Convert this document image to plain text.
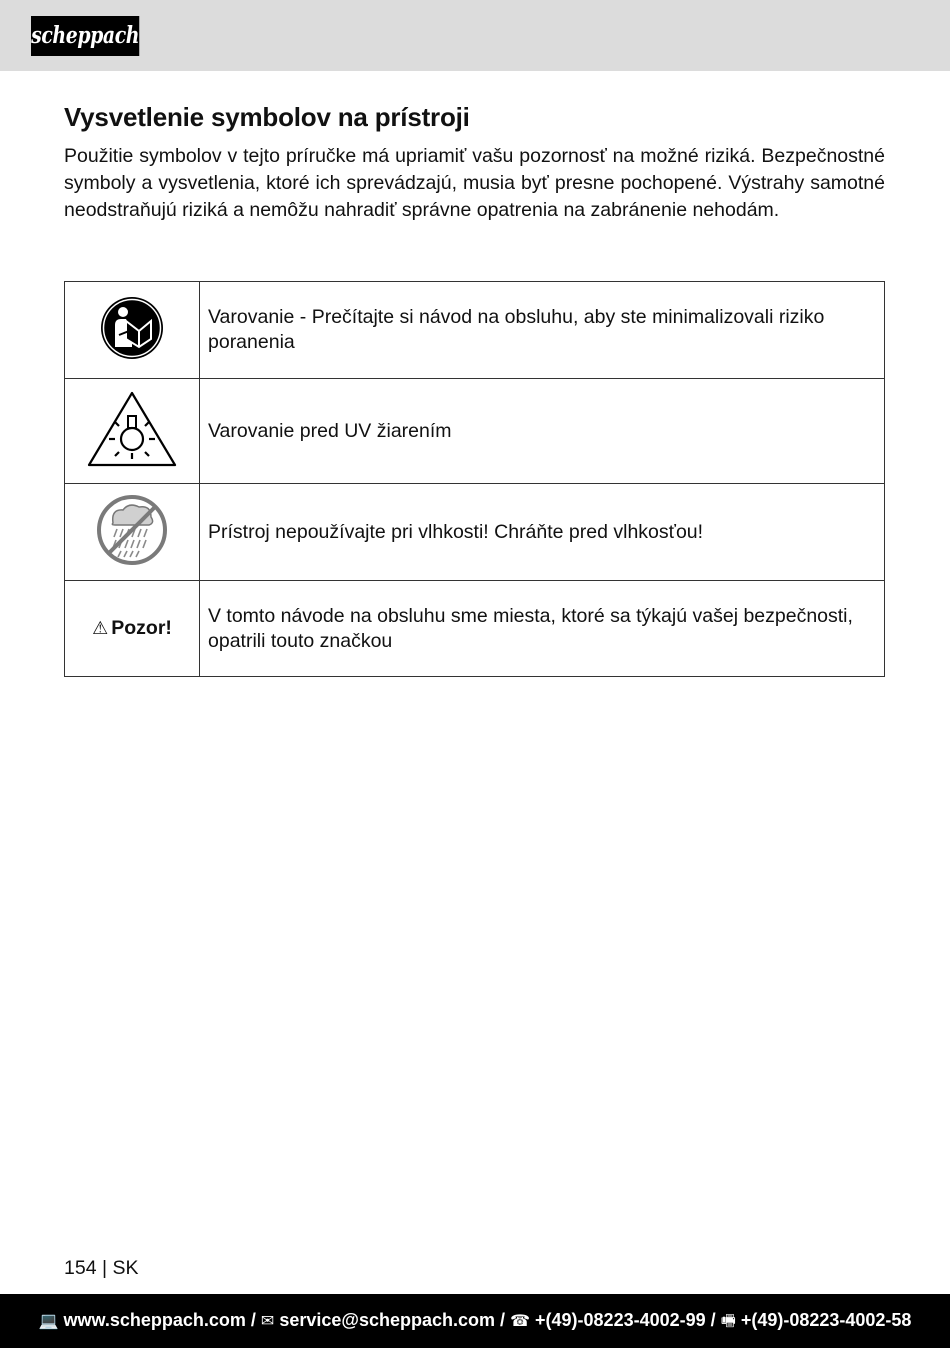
scheppach
Vysvetlenie symbolov na prístroji

Použitie symbolov v tejto príručke má upriamiť vašu pozornosť na možné riziká. Bezpečnostné symboly a vysvetlenia, ktoré ich sprevádzajú, musia byť presne pochopené. Výstrahy samotné neodstraňujú riziká a nemôžu nahradiť správne opatrenia na zabránenie nehodám.

	Varovanie - Prečítajte si návod na obsluhu, aby ste minimalizovali riziko poranenia
	Varovanie pred UV žiarením
	Prístroj nepoužívajte pri vlhkosti! Chráňte pred vlhkosťou!
⚠ Pozor!	V tomto návode na obsluhu sme miesta, ktoré sa týkajú vašej bezpečnosti, opatrili touto značkou
154 | SK
💻 www.scheppach.com / ✉ service@scheppach.com / ☎ +(49)-08223-4002-99 / 🖷 +(49)-08223-4002-58
